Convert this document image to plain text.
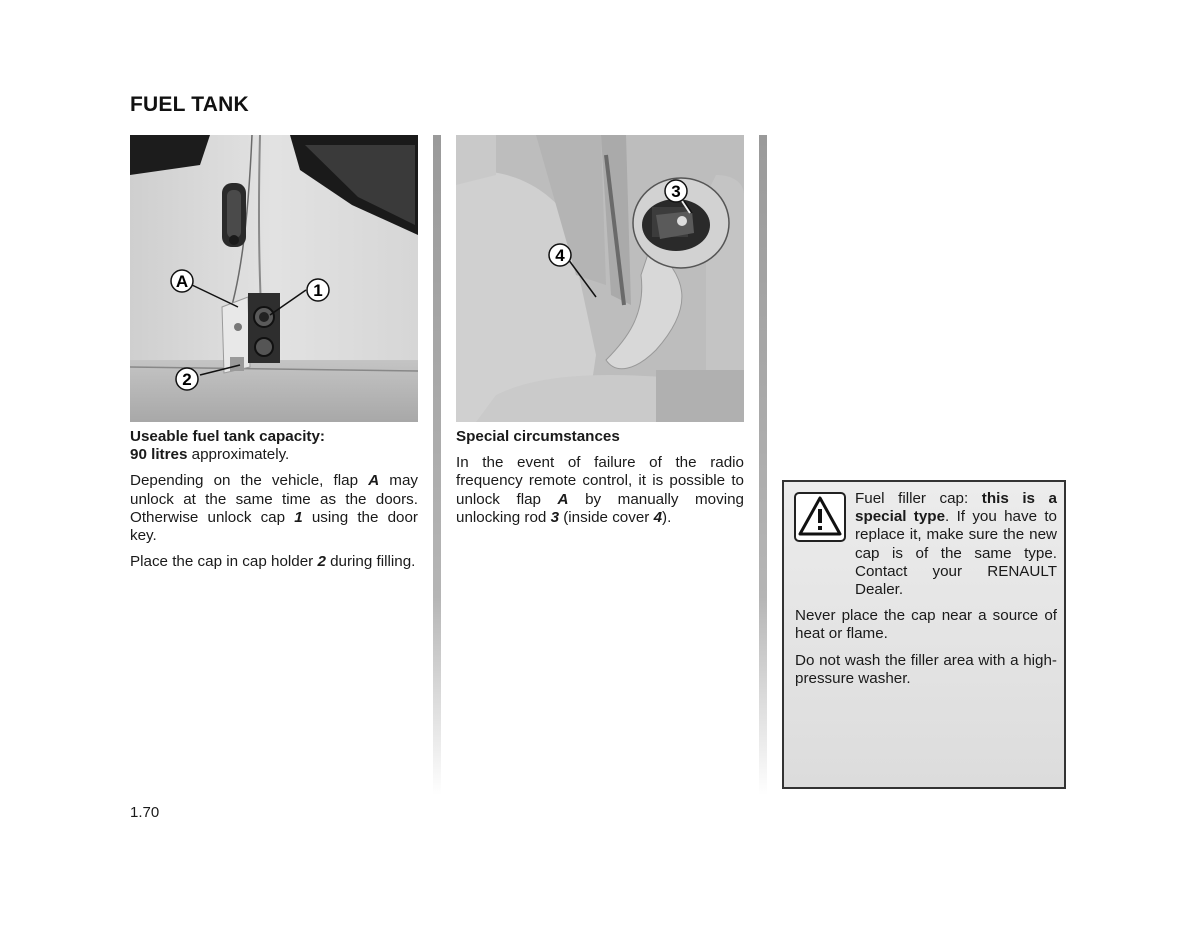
FUEL TANK
A	1
2
3
4

Useable fuel tank capacity:
90 litres approximately.

Depending on the vehicle, flap A may unlock at the same time as the doors. Otherwise unlock cap 1 using the door key.

Place the cap in cap holder 2 during filling.

Special circumstances

In the event of failure of the radio frequency remote control, it is possible to unlock flap A by manually moving unlocking rod 3 (inside cover 4).

Fuel filler cap: this is a special type. If you have to replace it, make sure the new cap is of the same type. Contact your RENAULT Dealer.

Never place the cap near a source of heat or flame.

Do not wash the filler area with a high-pressure washer.

1.70
